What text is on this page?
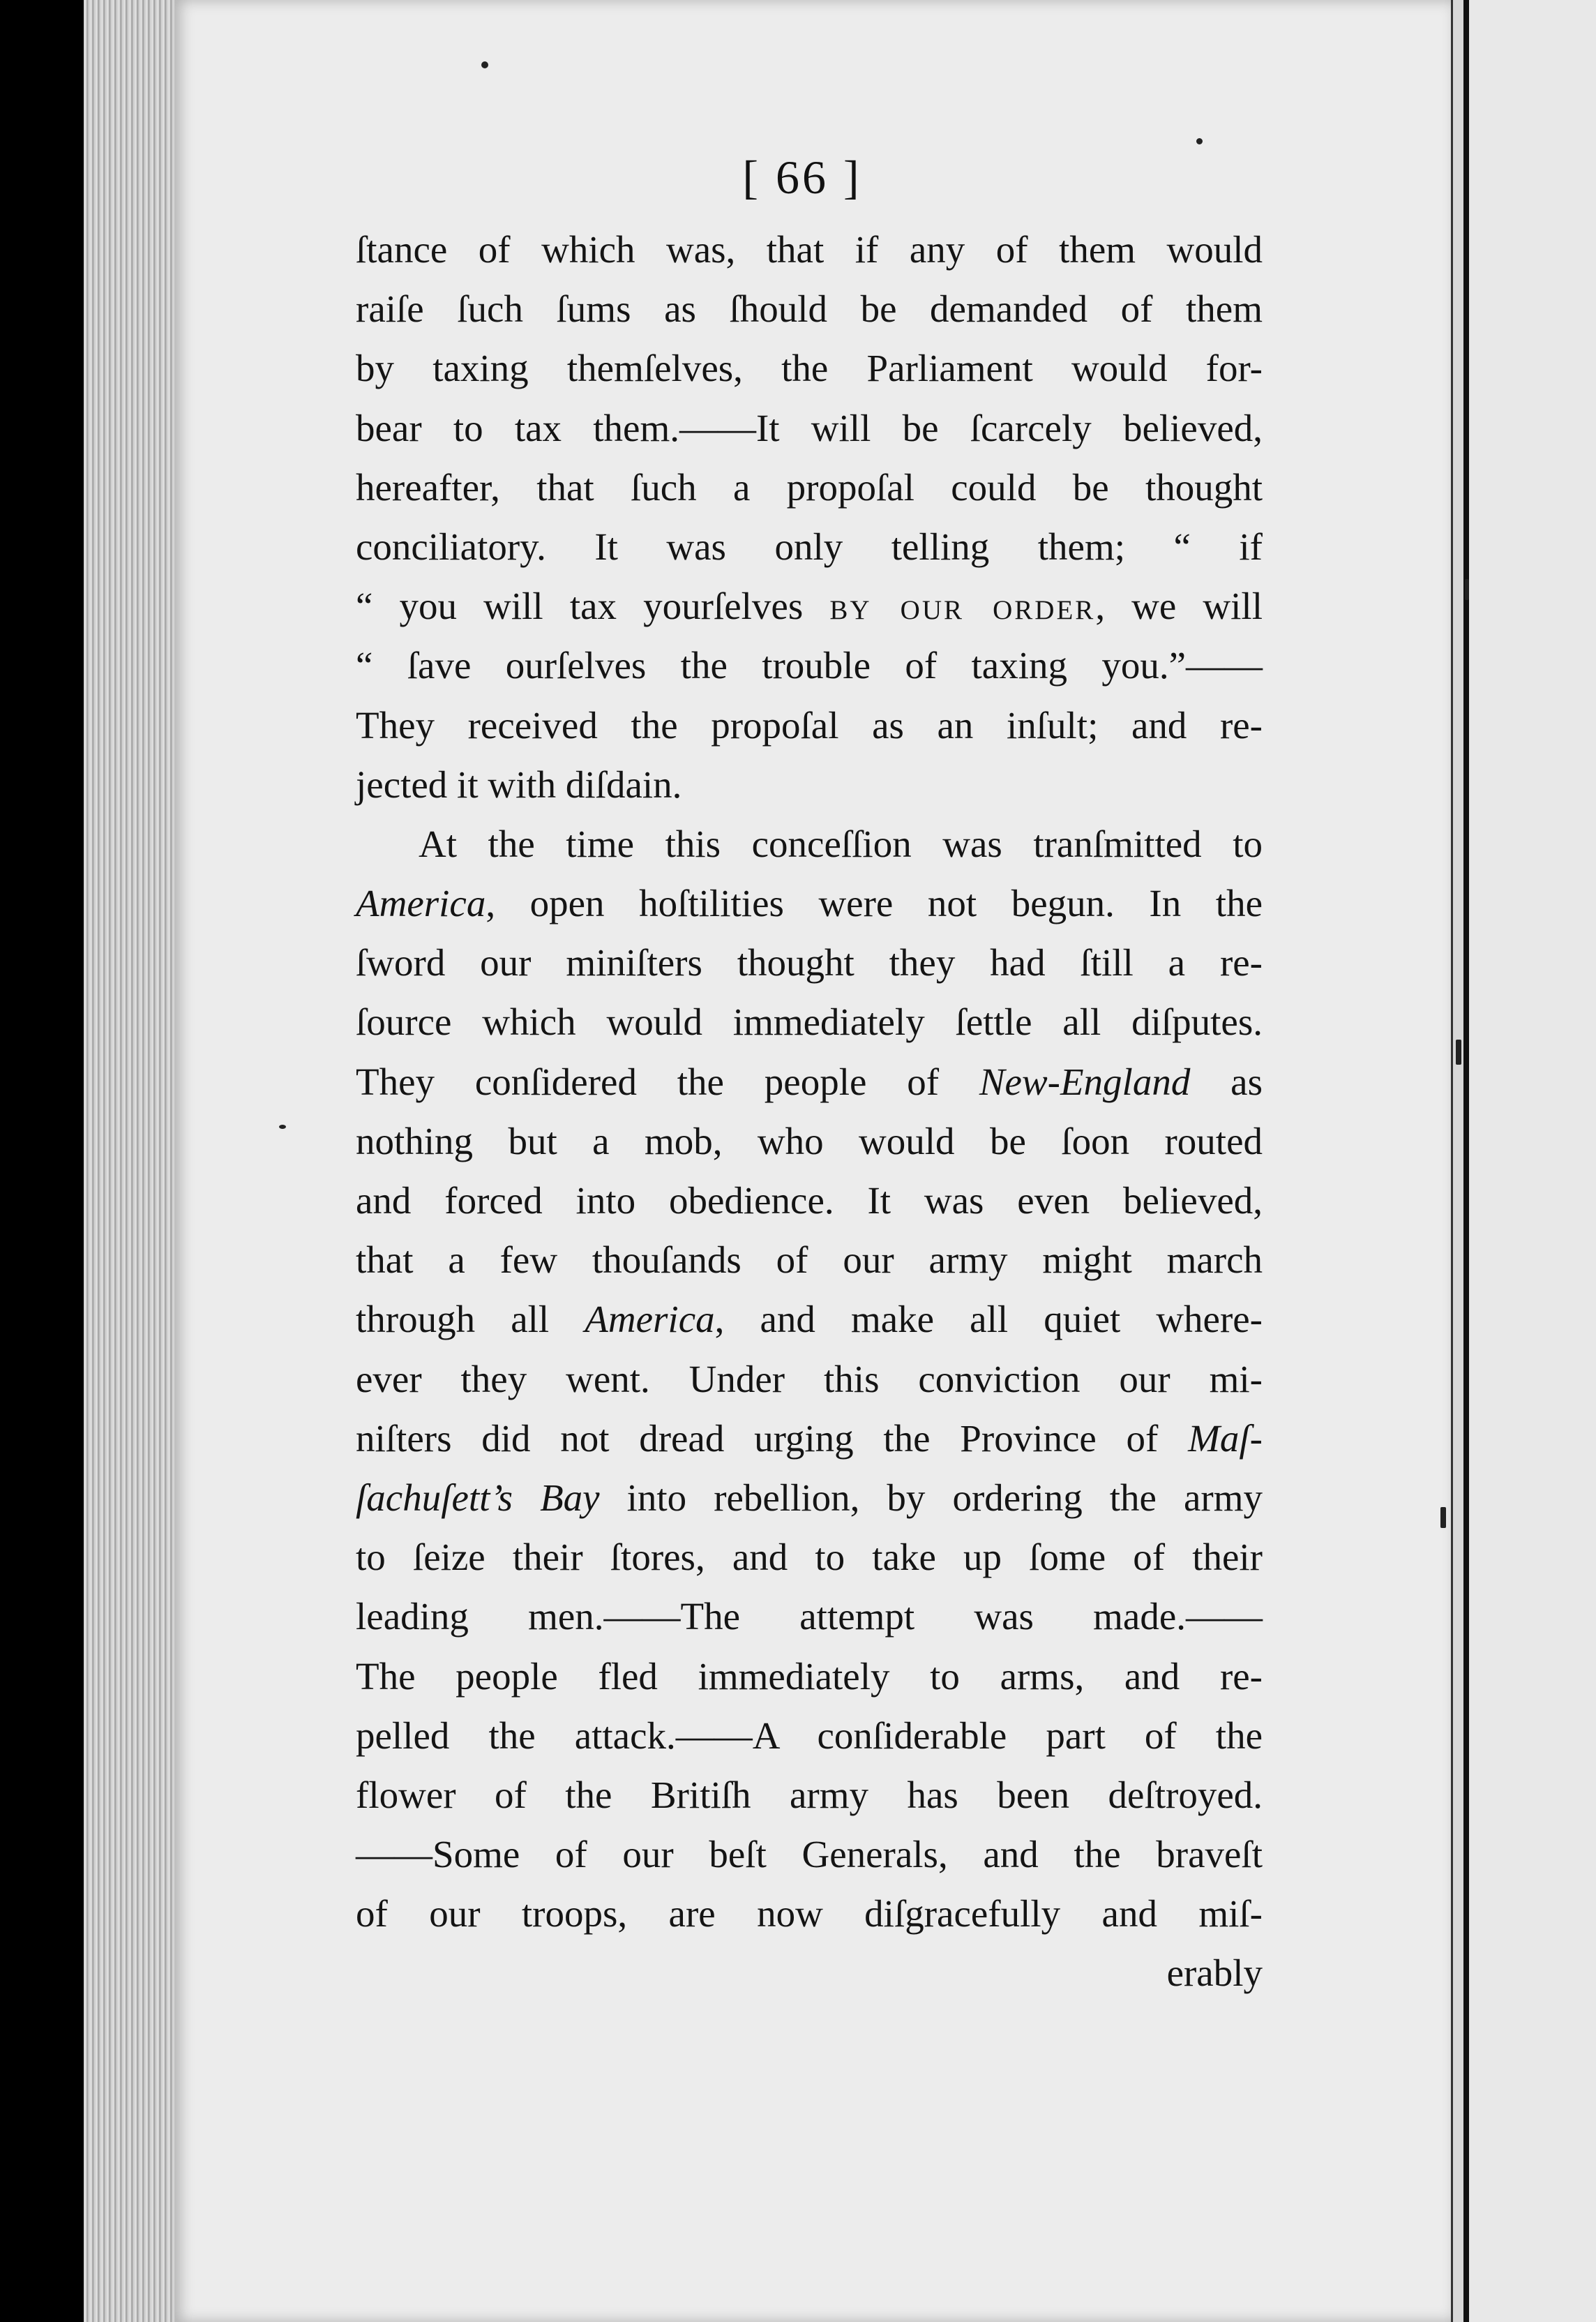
[ 66 ]
ſtance of which was, that if any of them would
raiſe ſuch ſums as ſhould be demanded of them
by taxing themſelves, the Parliament would for-
bear to tax them.——It will be ſcarcely believed,
hereafter, that ſuch a propoſal could be thought
conciliatory. It was only telling them; “ if
“ you will tax yourſelves by our order, we will
“ ſave ourſelves the trouble of taxing you.”——
They received the propoſal as an inſult; and re-
jected it with diſdain.
At the time this conceſſion was tranſmitted to
America, open hoſtilities were not begun. In the
ſword our miniſters thought they had ſtill a re-
ſource which would immediately ſettle all diſputes.
They conſidered the people of New-England as
nothing but a mob, who would be ſoon routed
and forced into obedience. It was even believed,
that a few thouſands of our army might march
through all America, and make all quiet where-
ever they went. Under this conviction our mi-
niſters did not dread urging the Province of Maſ-
ſachuſett’s Bay into rebellion, by ordering the army
to ſeize their ſtores, and to take up ſome of their
leading men.——The attempt was made.——
The people fled immediately to arms, and re-
pelled the attack.——A conſiderable part of the
flower of the Britiſh army has been deſtroyed.
——Some of our beſt Generals, and the braveſt
of our troops, are now diſgracefully and miſ-
erably
